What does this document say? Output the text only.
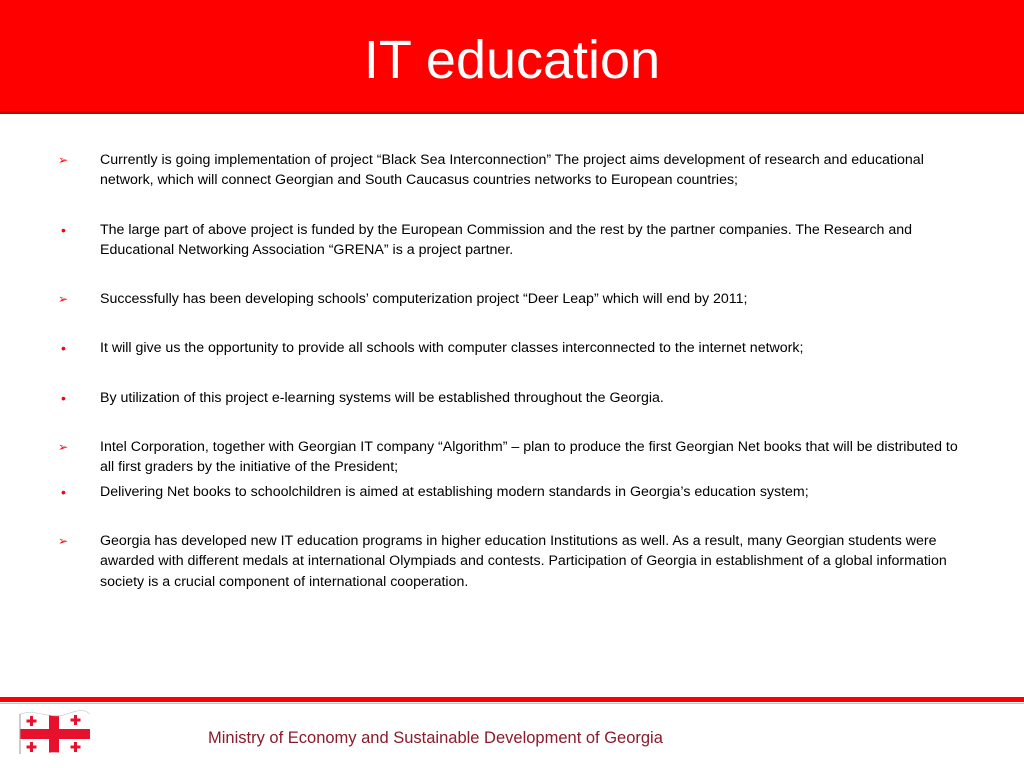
IT education
➢	Currently is going implementation of project “Black Sea Interconnection” The project aims development of research and educational network, which will connect Georgian and South Caucasus countries networks to European countries;
•	The large part of above project is funded by the European Commission and the rest by the partner companies. The Research and Educational Networking Association “GRENA” is a project partner.
➢	Successfully has been developing schools’ computerization project “Deer Leap” which will end by 2011;
•	It will give us the opportunity to provide all schools with computer classes interconnected to the internet network;
•	By utilization of this project e-learning systems will be established throughout the Georgia.
➢	Intel Corporation, together with Georgian IT company “Algorithm” – plan to produce the first Georgian Net books that will be distributed to all first graders by the initiative of the President;
•	Delivering Net books to schoolchildren is aimed at establishing modern standards in Georgia’s education system;
➢	Georgia has developed new IT education programs in higher education Institutions as well. As a result, many Georgian students were awarded with different medals at international Olympiads and contests. Participation of Georgia in establishment of a global information society is a crucial component of international cooperation.
Ministry of Economy and Sustainable Development of Georgia
